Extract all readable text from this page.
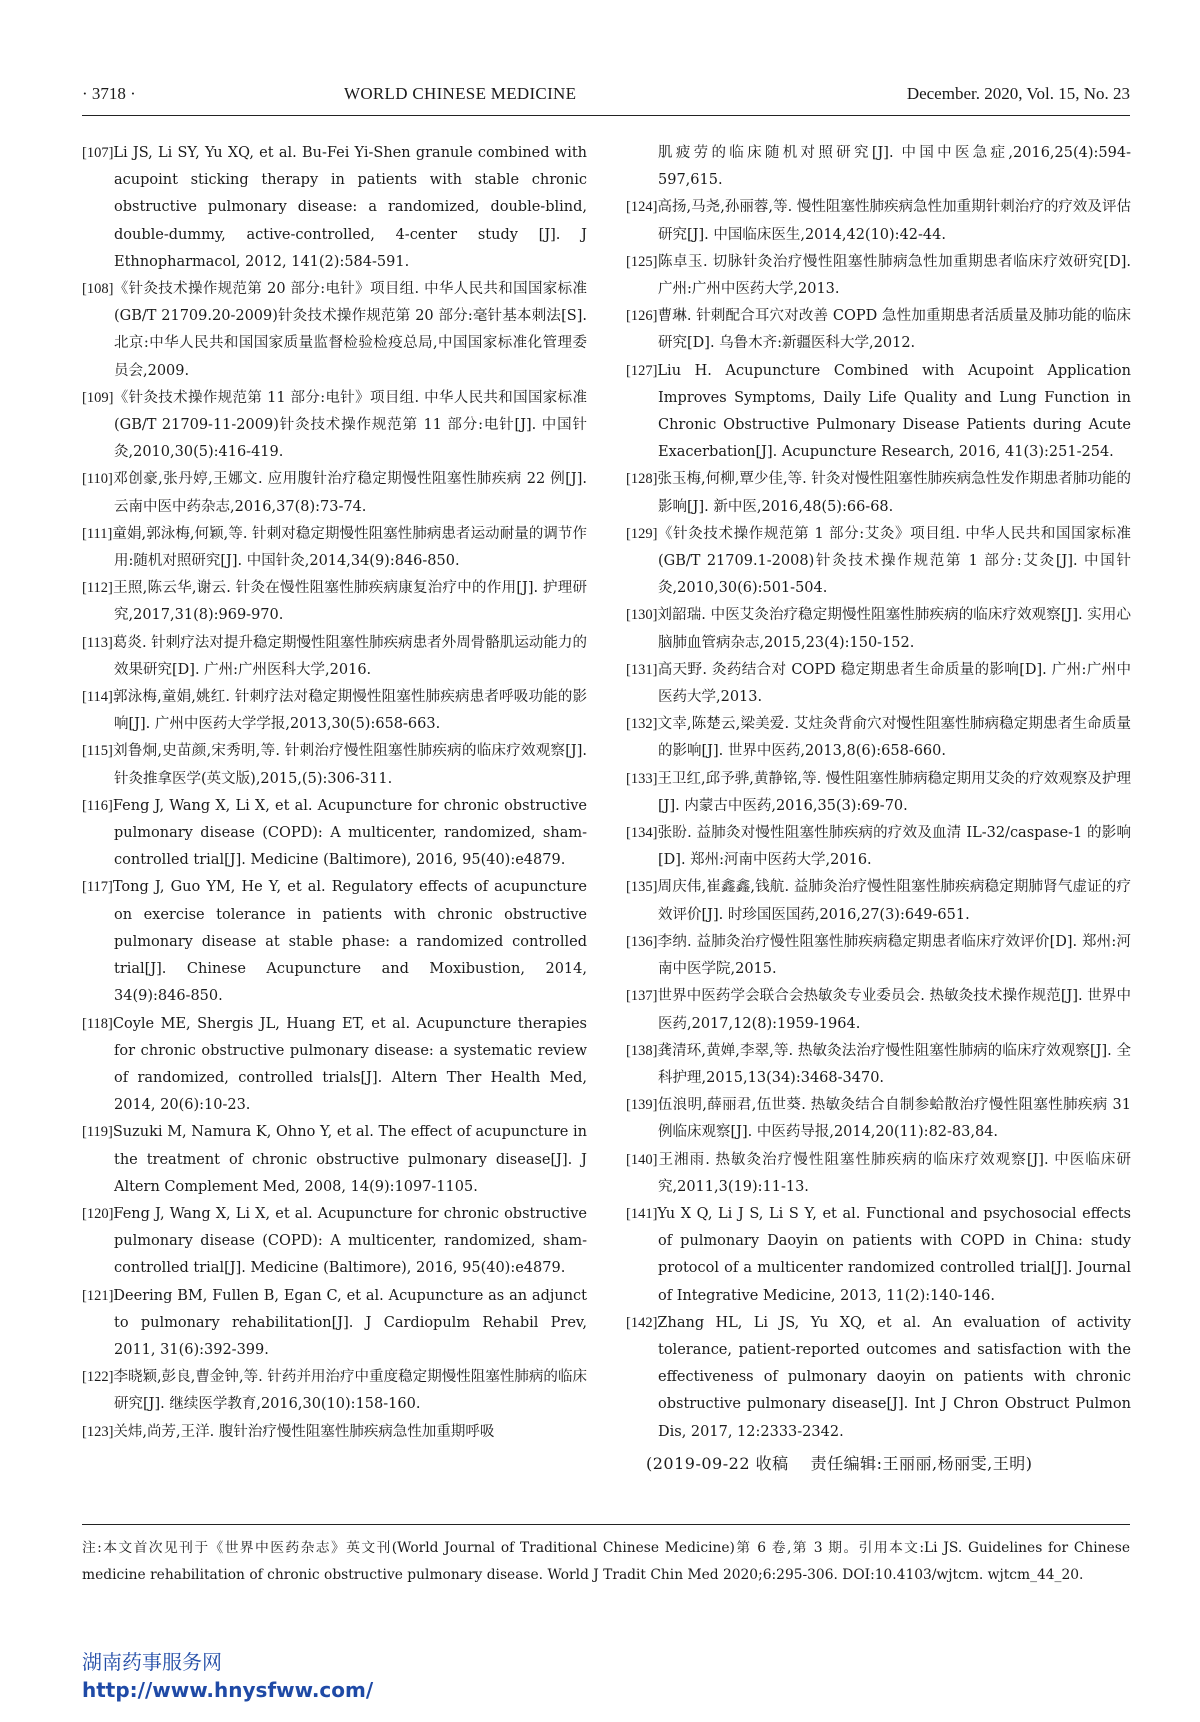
· 3718 ·	WORLD CHINESE MEDICINE	December. 2020, Vol. 15, No. 23

[107]Li JS, Li SY, Yu XQ, et al. Bu-Fei Yi-Shen granule combined with acupoint sticking therapy in patients with stable chronic obstructive pulmonary disease: a randomized, double-blind, double-dummy, active-controlled, 4-center study [J]. J Ethnopharmacol, 2012, 141(2):584-591.

[108]《针灸技术操作规范第 20 部分:电针》项目组. 中华人民共和国国家标准(GB/T 21709.20-2009)针灸技术操作规范第 20 部分:毫针基本刺法[S]. 北京:中华人民共和国国家质量监督检验检疫总局,中国国家标准化管理委员会,2009.

[109]《针灸技术操作规范第 11 部分:电针》项目组. 中华人民共和国国家标准(GB/T 21709-11-2009)针灸技术操作规范第 11 部分:电针[J]. 中国针灸,2010,30(5):416-419.

[110]邓创豪,张丹婷,王娜文. 应用腹针治疗稳定期慢性阻塞性肺疾病 22 例[J]. 云南中医中药杂志,2016,37(8):73-74.

[111]童娟,郭泳梅,何颖,等. 针刺对稳定期慢性阻塞性肺病患者运动耐量的调节作用:随机对照研究[J]. 中国针灸,2014,34(9):846-850.

[112]王照,陈云华,谢云. 针灸在慢性阻塞性肺疾病康复治疗中的作用[J]. 护理研究,2017,31(8):969-970.

[113]葛炎. 针刺疗法对提升稳定期慢性阻塞性肺疾病患者外周骨骼肌运动能力的效果研究[D]. 广州:广州医科大学,2016.

[114]郭泳梅,童娟,姚红. 针刺疗法对稳定期慢性阻塞性肺疾病患者呼吸功能的影响[J]. 广州中医药大学学报,2013,30(5):658-663.

[115]刘鲁炯,史苗颜,宋秀明,等. 针刺治疗慢性阻塞性肺疾病的临床疗效观察[J]. 针灸推拿医学(英文版),2015,(5):306-311.

[116]Feng J, Wang X, Li X, et al. Acupuncture for chronic obstructive pulmonary disease (COPD): A multicenter, randomized, sham-controlled trial[J]. Medicine (Baltimore), 2016, 95(40):e4879.

[117]Tong J, Guo YM, He Y, et al. Regulatory effects of acupuncture on exercise tolerance in patients with chronic obstructive pulmonary disease at stable phase: a randomized controlled trial[J]. Chinese Acupuncture and Moxibustion, 2014, 34(9):846-850.

[118]Coyle ME, Shergis JL, Huang ET, et al. Acupuncture therapies for chronic obstructive pulmonary disease: a systematic review of randomized, controlled trials[J]. Altern Ther Health Med, 2014, 20(6):10-23.

[119]Suzuki M, Namura K, Ohno Y, et al. The effect of acupuncture in the treatment of chronic obstructive pulmonary disease[J]. J Altern Complement Med, 2008, 14(9):1097-1105.

[120]Feng J, Wang X, Li X, et al. Acupuncture for chronic obstructive pulmonary disease (COPD): A multicenter, randomized, sham-controlled trial[J]. Medicine (Baltimore), 2016, 95(40):e4879.

[121]Deering BM, Fullen B, Egan C, et al. Acupuncture as an adjunct to pulmonary rehabilitation[J]. J Cardiopulm Rehabil Prev, 2011, 31(6):392-399.

[122]李晓颖,彭良,曹金钟,等. 针药并用治疗中重度稳定期慢性阻塞性肺病的临床研究[J]. 继续医学教育,2016,30(10):158-160.

[123]关炜,尚芳,王洋. 腹针治疗慢性阻塞性肺疾病急性加重期呼吸

肌疲劳的临床随机对照研究[J]. 中国中医急症,2016,25(4):594-597,615.

[124]高扬,马尧,孙丽蓉,等. 慢性阻塞性肺疾病急性加重期针刺治疗的疗效及评估研究[J]. 中国临床医生,2014,42(10):42-44.

[125]陈卓玉. 切脉针灸治疗慢性阻塞性肺病急性加重期患者临床疗效研究[D]. 广州:广州中医药大学,2013.

[126]曹琳. 针刺配合耳穴对改善 COPD 急性加重期患者活质量及肺功能的临床研究[D]. 乌鲁木齐:新疆医科大学,2012.

[127]Liu H. Acupuncture Combined with Acupoint Application Improves Symptoms, Daily Life Quality and Lung Function in Chronic Obstructive Pulmonary Disease Patients during Acute Exacerbation[J]. Acupuncture Research, 2016, 41(3):251-254.

[128]张玉梅,何柳,覃少佳,等. 针灸对慢性阻塞性肺疾病急性发作期患者肺功能的影响[J]. 新中医,2016,48(5):66-68.

[129]《针灸技术操作规范第 1 部分:艾灸》项目组. 中华人民共和国国家标准(GB/T 21709.1-2008)针灸技术操作规范第 1 部分:艾灸[J]. 中国针灸,2010,30(6):501-504.

[130]刘韶瑞. 中医艾灸治疗稳定期慢性阻塞性肺疾病的临床疗效观察[J]. 实用心脑肺血管病杂志,2015,23(4):150-152.

[131]高天野. 灸药结合对 COPD 稳定期患者生命质量的影响[D]. 广州:广州中医药大学,2013.

[132]文幸,陈楚云,梁美爱. 艾炷灸背俞穴对慢性阻塞性肺病稳定期患者生命质量的影响[J]. 世界中医药,2013,8(6):658-660.

[133]王卫红,邱予骅,黄静铭,等. 慢性阻塞性肺病稳定期用艾灸的疗效观察及护理[J]. 内蒙古中医药,2016,35(3):69-70.

[134]张盼. 益肺灸对慢性阻塞性肺疾病的疗效及血清 IL-32/caspase-1 的影响[D]. 郑州:河南中医药大学,2016.

[135]周庆伟,崔鑫鑫,钱航. 益肺灸治疗慢性阻塞性肺疾病稳定期肺肾气虚证的疗效评价[J]. 时珍国医国药,2016,27(3):649-651.

[136]李纳. 益肺灸治疗慢性阻塞性肺疾病稳定期患者临床疗效评价[D]. 郑州:河南中医学院,2015.

[137]世界中医药学会联合会热敏灸专业委员会. 热敏灸技术操作规范[J]. 世界中医药,2017,12(8):1959-1964.

[138]龚清环,黄婵,李翠,等. 热敏灸法治疗慢性阻塞性肺病的临床疗效观察[J]. 全科护理,2015,13(34):3468-3470.

[139]伍浪明,薛丽君,伍世葵. 热敏灸结合自制参蛤散治疗慢性阻塞性肺疾病 31 例临床观察[J]. 中医药导报,2014,20(11):82-83,84.

[140]王湘雨. 热敏灸治疗慢性阻塞性肺疾病的临床疗效观察[J]. 中医临床研究,2011,3(19):11-13.

[141]Yu X Q, Li J S, Li S Y, et al. Functional and psychosocial effects of pulmonary Daoyin on patients with COPD in China: study protocol of a multicenter randomized controlled trial[J]. Journal of Integrative Medicine, 2013, 11(2):140-146.

[142]Zhang HL, Li JS, Yu XQ, et al. An evaluation of activity tolerance, patient-reported outcomes and satisfaction with the effectiveness of pulmonary daoyin on patients with chronic obstructive pulmonary disease[J]. Int J Chron Obstruct Pulmon Dis, 2017, 12:2333-2342.

(2019-09-22 收稿 　责任编辑:王丽丽,杨丽雯,王明)

注:本文首次见刊于《世界中医药杂志》英文刊(World Journal of Traditional Chinese Medicine)第 6 卷,第 3 期。引用本文:Li JS. Guidelines for Chinese medicine rehabilitation of chronic obstructive pulmonary disease. World J Tradit Chin Med 2020;6:295-306. DOI:10.4103/wjtcm. wjtcm_44_20.
湖南药事服务网
http://www.hnysfww.com/
